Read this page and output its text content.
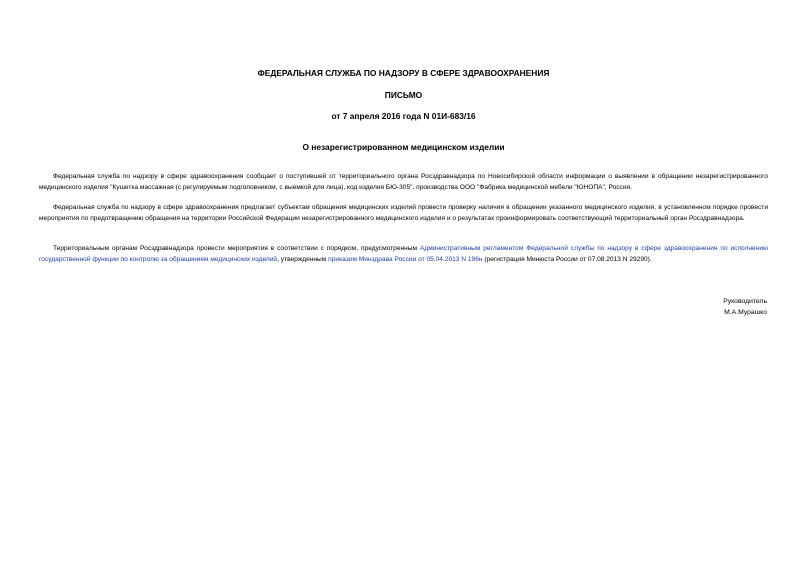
ФЕДЕРАЛЬНАЯ СЛУЖБА ПО НАДЗОРУ В СФЕРЕ ЗДРАВООХРАНЕНИЯ
ПИСЬМО
от 7 апреля 2016 года N 01И-683/16
О незарегистрированном медицинском изделии

Федеральная служба по надзору в сфере здравоохранения сообщает о поступившей от территориального органа Росздравнадзора по Новосибирской области информации о выявлении в обращении незарегистрированного медицинского изделия "Кушетка массажная (с регулируемым подголовником, с выемкой для лица), код изделия БЮ-305", производства ООО "Фабрика медицинской мебели "ЮНОПА", Россия.

Федеральная служба по надзору в сфере здравоохранения предлагает субъектам обращения медицинских изделий провести проверку наличия в обращении указанного медицинского изделия, в установленном порядке провести мероприятия по предотвращению обращения на территории Российской Федерации незарегистрированного медицинского изделия и о результатах проинформировать соответствующий территориальный орган Росздравнадзора.

Территориальным органам Росздравнадзора провести мероприятия в соответствии с порядком, предусмотренным Административным регламентом Федеральной службы по надзору в сфере здравоохранения по исполнению государственной функции по контролю за обращением медицинских изделий, утвержденным приказом Минздрава России от 05.04.2013 N 196н (регистрация Минюста России от 07.08.2013 N 29290).

Руководитель
М.А.Мурашко
